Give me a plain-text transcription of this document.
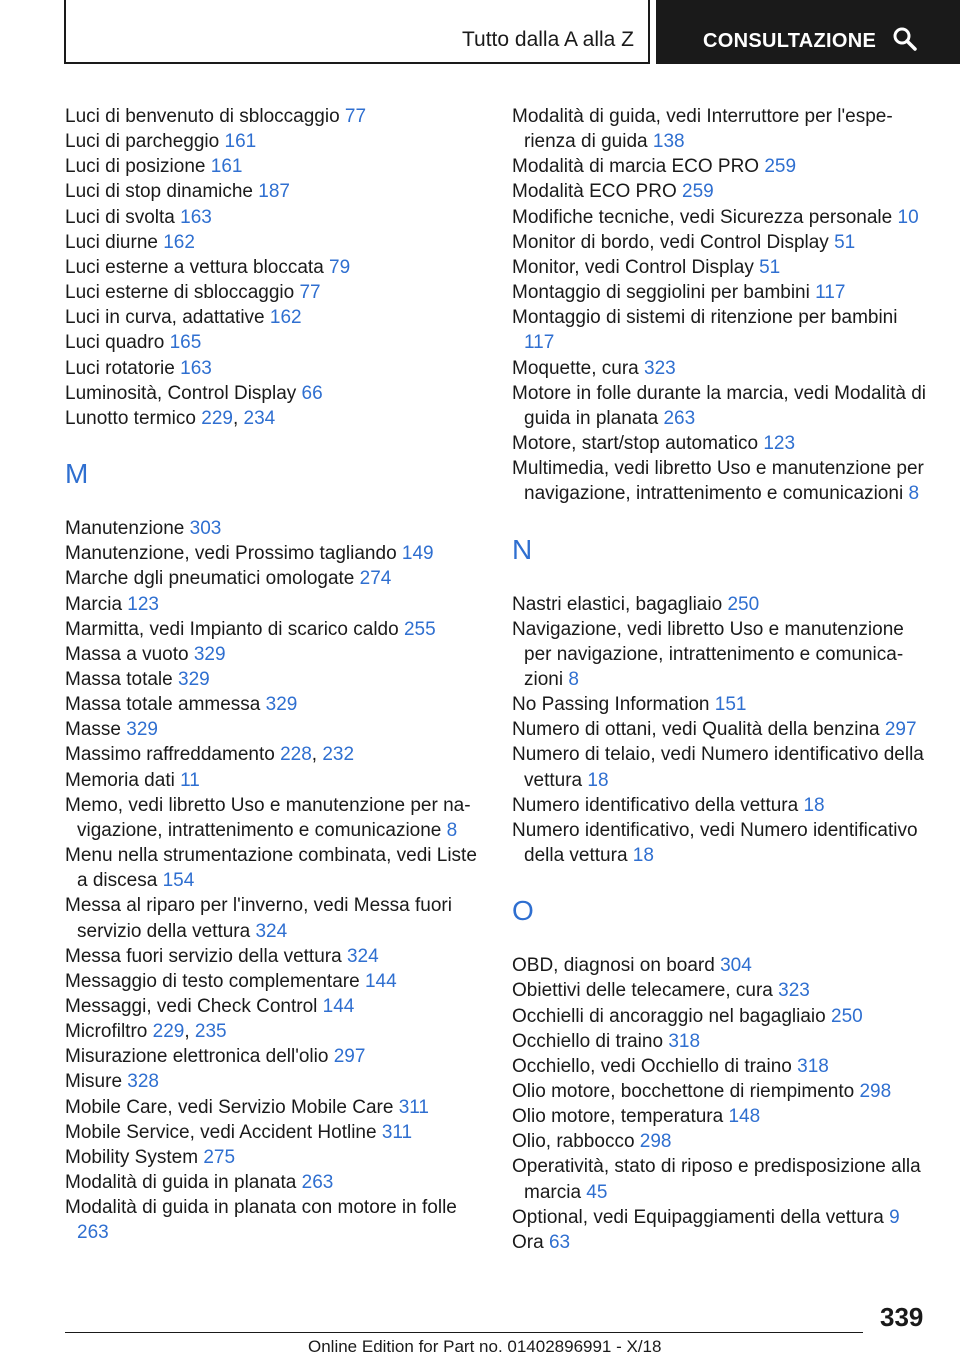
Tutto dalla A alla Z	CONSULTAZIONE
Luci di benvenuto di sbloccaggio 77
Luci di parcheggio 161
Luci di posizione 161
Luci di stop dinamiche 187
Luci di svolta 163
Luci diurne 162
Luci esterne a vettura bloccata 79
Luci esterne di sbloccaggio 77
Luci in curva, adattative 162
Luci quadro 165
Luci rotatorie 163
Luminosità, Control Display 66
Lunotto termico 229, 234
M
Manutenzione 303
Manutenzione, vedi Prossimo tagliando 149
Marche dgli pneumatici omologate 274
Marcia 123
Marmitta, vedi Impianto di scarico caldo 255
Massa a vuoto 329
Massa totale 329
Massa totale ammessa 329
Masse 329
Massimo raffreddamento 228, 232
Memoria dati 11
Memo, vedi libretto Uso e manutenzione per navigazione, intrattenimento e comunicazione 8
Menu nella strumentazione combinata, vedi Liste a discesa 154
Messa al riparo per l'inverno, vedi Messa fuori servizio della vettura 324
Messa fuori servizio della vettura 324
Messaggio di testo complementare 144
Messaggi, vedi Check Control 144
Microfiltro 229, 235
Misurazione elettronica dell'olio 297
Misure 328
Mobile Care, vedi Servizio Mobile Care 311
Mobile Service, vedi Accident Hotline 311
Mobility System 275
Modalità di guida in planata 263
Modalità di guida in planata con motore in folle 263
Modalità di guida, vedi Interruttore per l'esperienza di guida 138
Modalità di marcia ECO PRO 259
Modalità ECO PRO 259
Modifiche tecniche, vedi Sicurezza personale 10
Monitor di bordo, vedi Control Display 51
Monitor, vedi Control Display 51
Montaggio di seggiolini per bambini 117
Montaggio di sistemi di ritenzione per bambini 117
Moquette, cura 323
Motore in folle durante la marcia, vedi Modalità di guida in planata 263
Motore, start/stop automatico 123
Multimedia, vedi libretto Uso e manutenzione per navigazione, intrattenimento e comunicazioni 8
N
Nastri elastici, bagagliaio 250
Navigazione, vedi libretto Uso e manutenzione per navigazione, intrattenimento e comunicazioni 8
No Passing Information 151
Numero di ottani, vedi Qualità della benzina 297
Numero di telaio, vedi Numero identificativo della vettura 18
Numero identificativo della vettura 18
Numero identificativo, vedi Numero identificativo della vettura 18
O
OBD, diagnosi on board 304
Obiettivi delle telecamere, cura 323
Occhielli di ancoraggio nel bagagliaio 250
Occhiello di traino 318
Occhiello, vedi Occhiello di traino 318
Olio motore, bocchettone di riempimento 298
Olio motore, temperatura 148
Olio, rabbocco 298
Operatività, stato di riposo e predisposizione alla marcia 45
Optional, vedi Equipaggiamenti della vettura 9
Ora 63
339
Online Edition for Part no. 01402896991 - X/18
